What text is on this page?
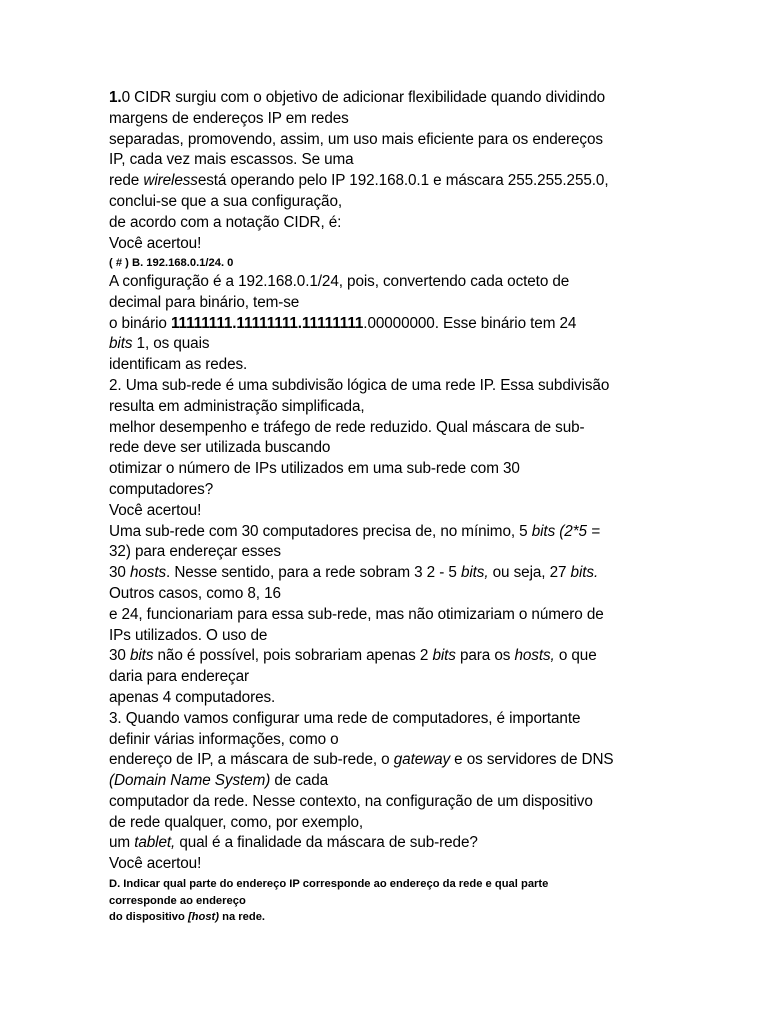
1.0 CIDR surgiu com o objetivo de adicionar flexibilidade quando dividindo

margens de endereços IP em redes

separadas, promovendo, assim, um uso mais eficiente para os endereços

IP, cada vez mais escassos. Se uma

rede wirelessestá operando pelo IP 192.168.0.1 e máscara 255.255.255.0,

conclui-se que a sua configuração,

de acordo com a notação CIDR, é:

Você acertou!

( # ) B. 192.168.0.1/24. 0

A configuração é a 192.168.0.1/24, pois, convertendo cada octeto de

decimal para binário, tem-se

o binário 11111111.11111111.11111111.00000000. Esse binário tem 24

bits 1, os quais

identificam as redes.

2. Uma sub-rede é uma subdivisão lógica de uma rede IP. Essa subdivisão

resulta em administração simplificada,

melhor desempenho e tráfego de rede reduzido. Qual máscara de sub-

rede deve ser utilizada buscando

otimizar o número de IPs utilizados em uma sub-rede com 30

computadores?

Você acertou!

Uma sub-rede com 30 computadores precisa de, no mínimo, 5 bits (2*5 =

32) para endereçar esses

30 hosts. Nesse sentido, para a rede sobram 3 2 - 5 bits, ou seja, 27 bits.

Outros casos, como 8, 16

e 24, funcionariam para essa sub-rede, mas não otimizariam o número de

IPs utilizados. O uso de

30 bits não é possível, pois sobrariam apenas 2 bits para os hosts, o que

daria para endereçar

apenas 4 computadores.

3. Quando vamos configurar uma rede de computadores, é importante

definir várias informações, como o

endereço de IP, a máscara de sub-rede, o gateway e os servidores de DNS

(Domain Name System) de cada

computador da rede. Nesse contexto, na configuração de um dispositivo

de rede qualquer, como, por exemplo,

um tablet, qual é a finalidade da máscara de sub-rede?

Você acertou!

D. Indicar qual parte do endereço IP corresponde ao endereço da rede e qual parte

corresponde ao endereço

do dispositivo [host) na rede.
